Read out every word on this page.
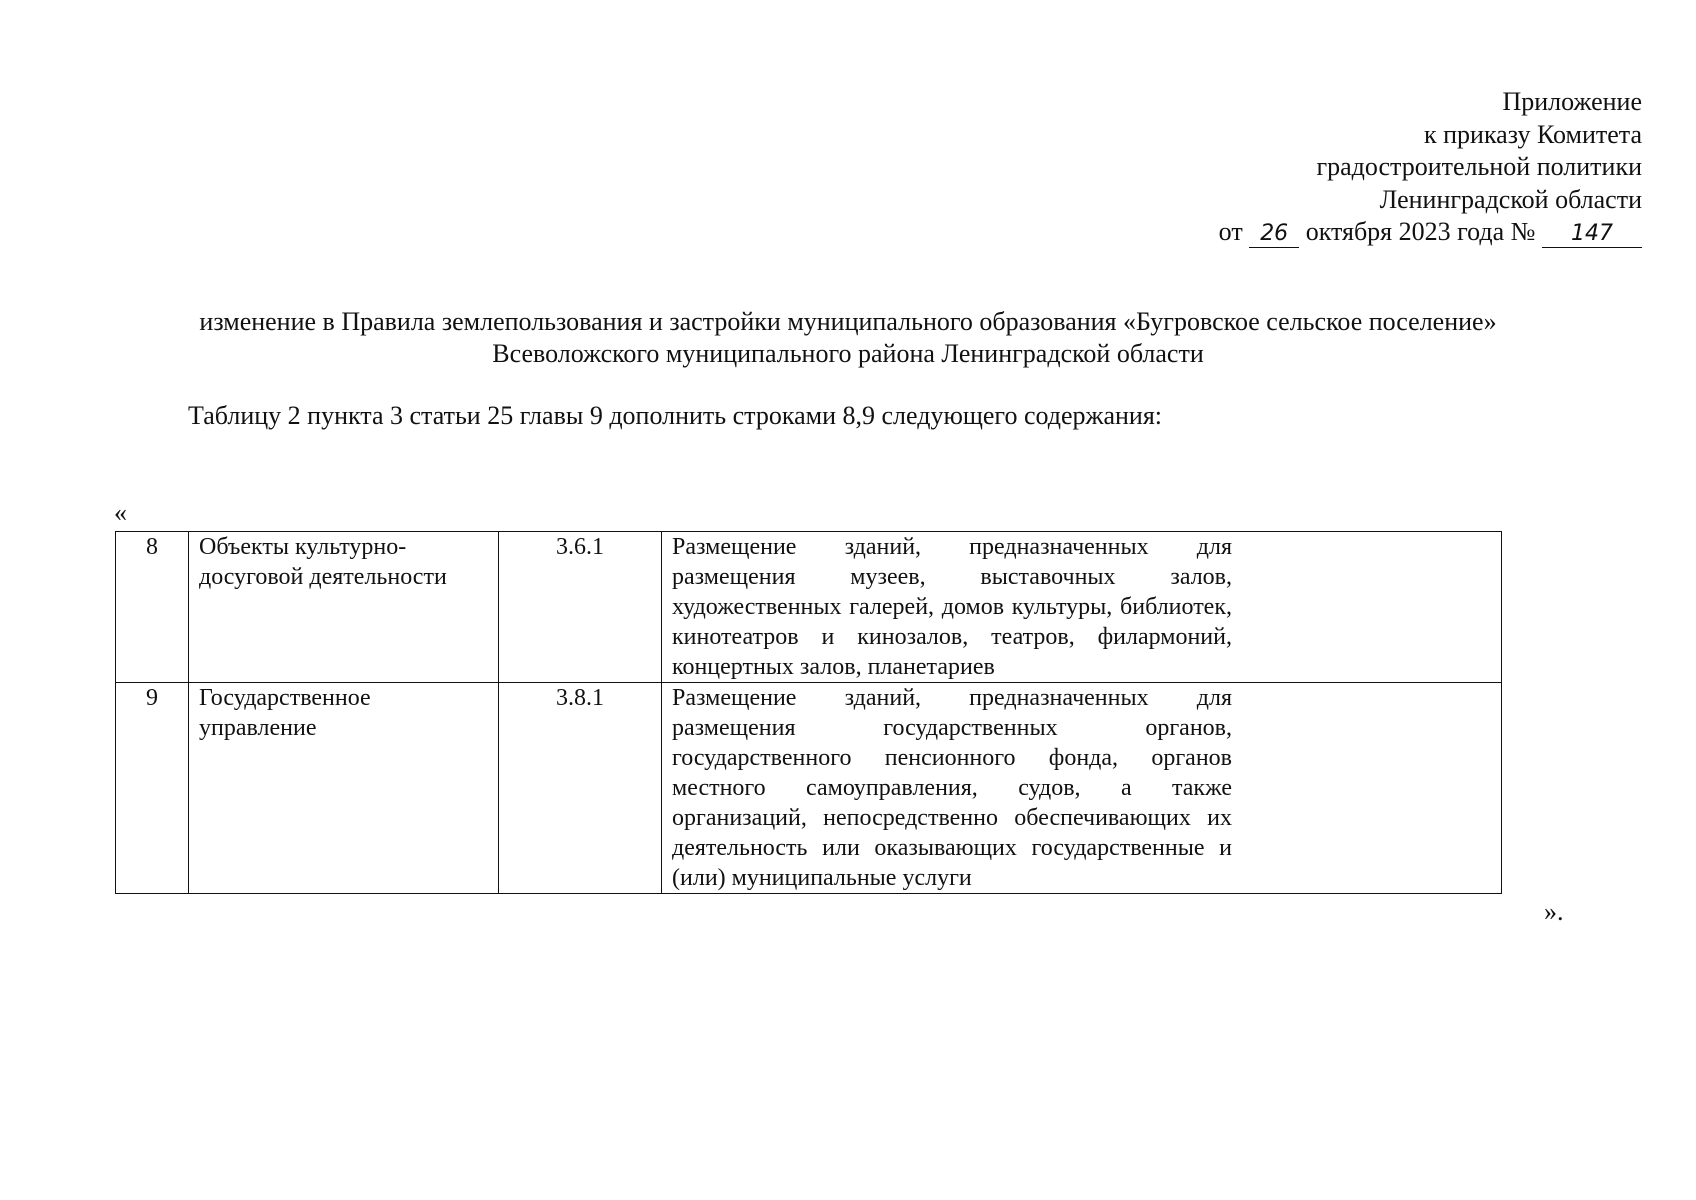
Приложение
к приказу Комитета
градостроительной политики
Ленинградской области
от 26 октября 2023 года № 147
изменение в Правила землепользования и застройки муниципального образования «Бугровское сельское поселение»
Всеволожского муниципального района Ленинградской области
Таблицу 2 пункта 3 статьи 25 главы 9 дополнить строками 8,9 следующего содержания:
«
8	Объекты культурно-досуговой деятельности	3.6.1	Размещение зданий, предназначенных для размещения музеев, выставочных залов, художественных галерей, домов культуры, библиотек, кинотеатров и кинозалов, театров, филармоний, концертных залов, планетариев

9	Государственное управление	3.8.1	Размещение зданий, предназначенных для размещения государственных органов, государственного пенсионного фонда, органов местного самоуправления, судов, а также организаций, непосредственно обеспечивающих их деятельность или оказывающих государственные и (или) муниципальные услуги
».
